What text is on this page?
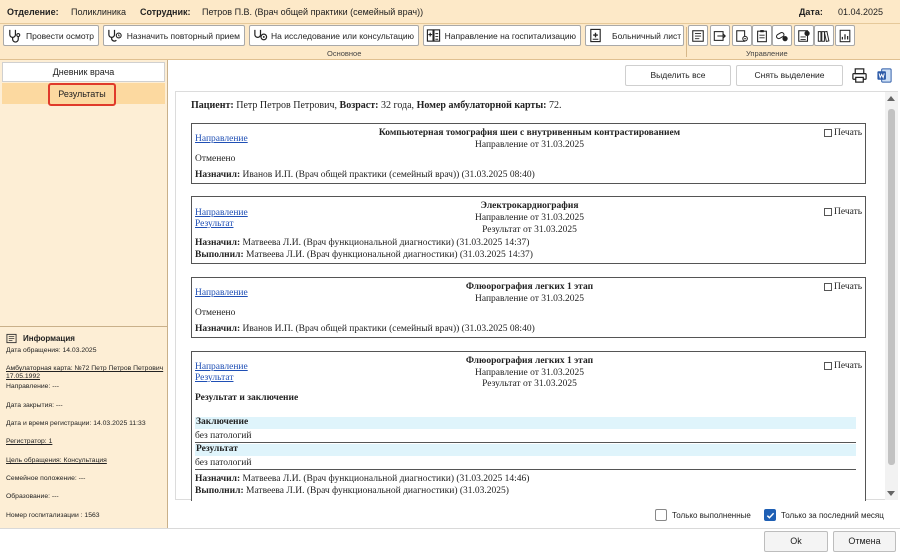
Отделение: Поликлиника Сотрудник: Петров П.В. (Врач общей практики (семейный врач))	Дата: 01.04.2025
Провести осмотр	Назначить повторный прием	На исследование или консультацию	Направление на госпитализацию	Больничный лист
Основное	Управление
Дневник врача
Результаты
Информация
Дата обращения: 14.03.2025
Амбулаторная карта: №72 Петр Петров Петрович 17.05.1992
Направление: ---
Дата закрытия: ---
Дата и время регистрации: 14.03.2025 11:33
Регистратор: 1
Цель обращения: Консультация
Семейное положение: ---
Образование: ---
Номер госпитализации : 1563
Выделить все	Снять выделение
Пациент: Петр Петров Петрович, Возраст: 32 года, Номер амбулаторной карты: 72.
Направление
Компьютерная томография шеи с внутривенным контрастированием
Направление от 31.03.2025
Печать
Отменено
Назначил: Иванов И.П. (Врач общей практики (семейный врач)) (31.03.2025 08:40)
Направление
Результат
Электрокардиография
Направление от 31.03.2025
Результат от 31.03.2025
Печать
Назначил: Матвеева Л.И. (Врач функциональной диагностики) (31.03.2025 14:37)
Выполнил: Матвеева Л.И. (Врач функциональной диагностики) (31.03.2025 14:37)
Направление
Флюорография легких 1 этап
Направление от 31.03.2025
Печать
Отменено
Назначил: Иванов И.П. (Врач общей практики (семейный врач)) (31.03.2025 08:40)
Направление
Результат
Флюорография легких 1 этап
Направление от 31.03.2025
Результат от 31.03.2025
Печать
Результат и заключение
Заключение
без патологий
Результат
без патологий
Назначил: Матвеева Л.И. (Врач функциональной диагностики) (31.03.2025 14:46)
Выполнил: Матвеева Л.И. (Врач функциональной диагностики) (31.03.2025)
Только выполненные	Только за последний месяц
Ok	Отмена
